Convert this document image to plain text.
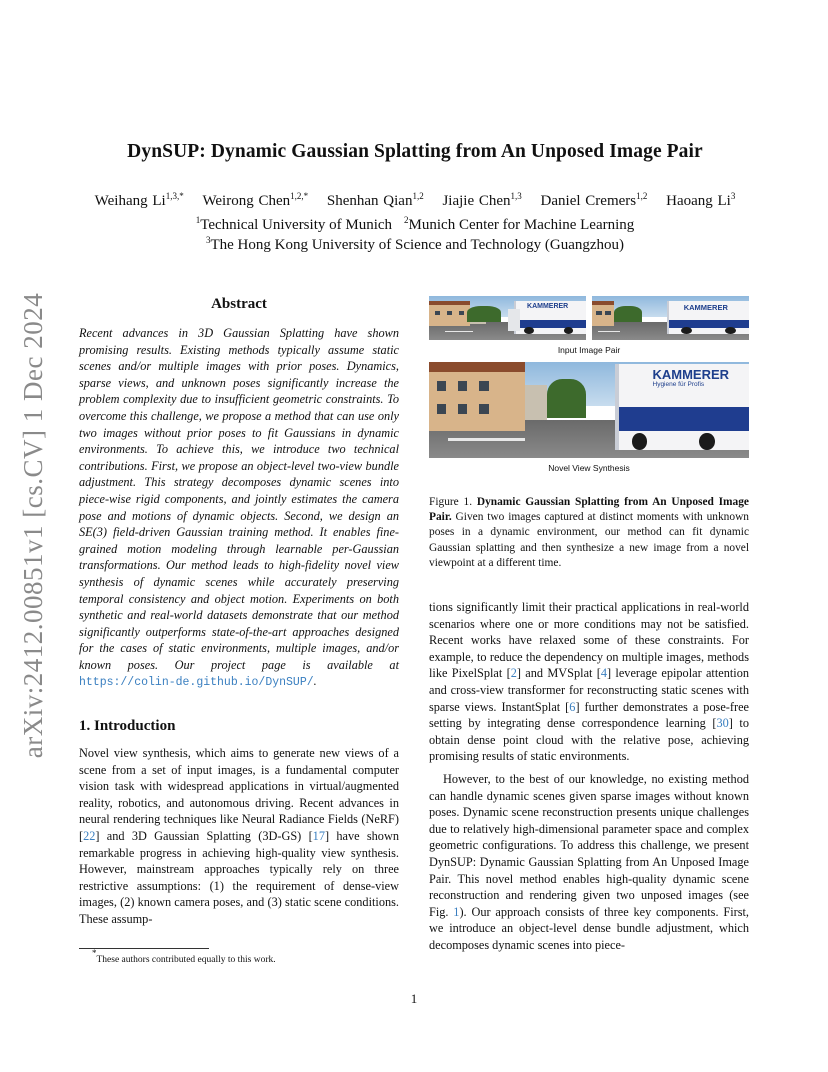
arXiv:2412.00851v1 [cs.CV] 1 Dec 2024
DynSUP: Dynamic Gaussian Splatting from An Unposed Image Pair
Weihang $Li^{1,3,*}$ Weirong Chen$^{1,2,*}$ Shenhan Qian$^{1,2}$ Jiajie Chen$^{1,3}$ Daniel Cremers$^{1,2}$ Haoang Li$^3$
$^1$Technical University of Munich $^2$Munich Center for Machine Learning
$^3$The Hong Kong University of Science and Technology (Guangzhou)
Abstract
Recent advances in 3D Gaussian Splatting have shown promising results. Existing methods typically assume static scenes and/or multiple images with prior poses. Dynamics, sparse views, and unknown poses significantly increase the problem complexity due to insufficient geometric constraints. To overcome this challenge, we propose a method that can use only two images without prior poses to fit Gaussians in dynamic environments. To achieve this, we introduce two technical contributions. First, we propose an object-level two-view bundle adjustment. This strategy decomposes dynamic scenes into piece-wise rigid components, and jointly estimates the camera pose and motions of dynamic objects. Second, we design an SE(3) field-driven Gaussian training method. It enables fine-grained motion modeling through learnable per-Gaussian transformations. Our method leads to high-fidelity novel view synthesis of dynamic scenes while accurately preserving temporal consistency and object motion. Experiments on both synthetic and real-world datasets demonstrate that our method significantly outperforms state-of-the-art approaches designed for the cases of static environments, multiple images, and/or known poses. Our project page is available at https://colin-de.github.io/DynSUP/.
1. Introduction
Novel view synthesis, which aims to generate new views of a scene from a set of input images, is a fundamental computer vision task with widespread applications in virtual/augmented reality, robotics, and autonomous driving. Recent advances in neural rendering techniques like Neural Radiance Fields (NeRF) [22] and 3D Gaussian Splatting (3D-GS) [17] have shown remarkable progress in achieving high-quality view synthesis. However, mainstream approaches typically rely on three restrictive assumptions: (1) the requirement of dense-view images, (2) known camera poses, and (3) static scene conditions. These assump-
*These authors contributed equally to this work.
KAMMERER	KAMMERER
Input Image Pair
KAMMERER
Hygiene für Profis
Novel View Synthesis
Figure 1. Dynamic Gaussian Splatting from An Unposed Image Pair. Given two images captured at distinct moments with unknown poses in a dynamic environment, our method can fit dynamic Gaussian splatting and then synthesize a new image from a novel viewpoint at a different time.
tions significantly limit their practical applications in real-world scenarios where one or more conditions may not be satisfied. Recent works have relaxed some of these constraints. For example, to reduce the dependency on multiple images, methods like PixelSplat [2] and MVSplat [4] leverage epipolar attention and cross-view transformer for reconstructing static scenes with sparse views. InstantSplat [6] further demonstrates a pose-free setting by integrating dense correspondence learning [30] to obtain dense point cloud with the relative pose, achieving promising results of static environments.
However, to the best of our knowledge, no existing method can handle dynamic scenes given sparse images without known poses. Dynamic scene reconstruction presents unique challenges due to relatively high-dimensional parameter space and complex geometric configurations. To address this challenge, we present DynSUP: Dynamic Gaussian Splatting from An Unposed Image Pair. This novel method enables high-quality dynamic scene reconstruction and rendering given two unposed images (see Fig. 1). Our approach consists of three key components. First, we introduce an object-level dense bundle adjustment, which decomposes dynamic scenes into piece-
1
